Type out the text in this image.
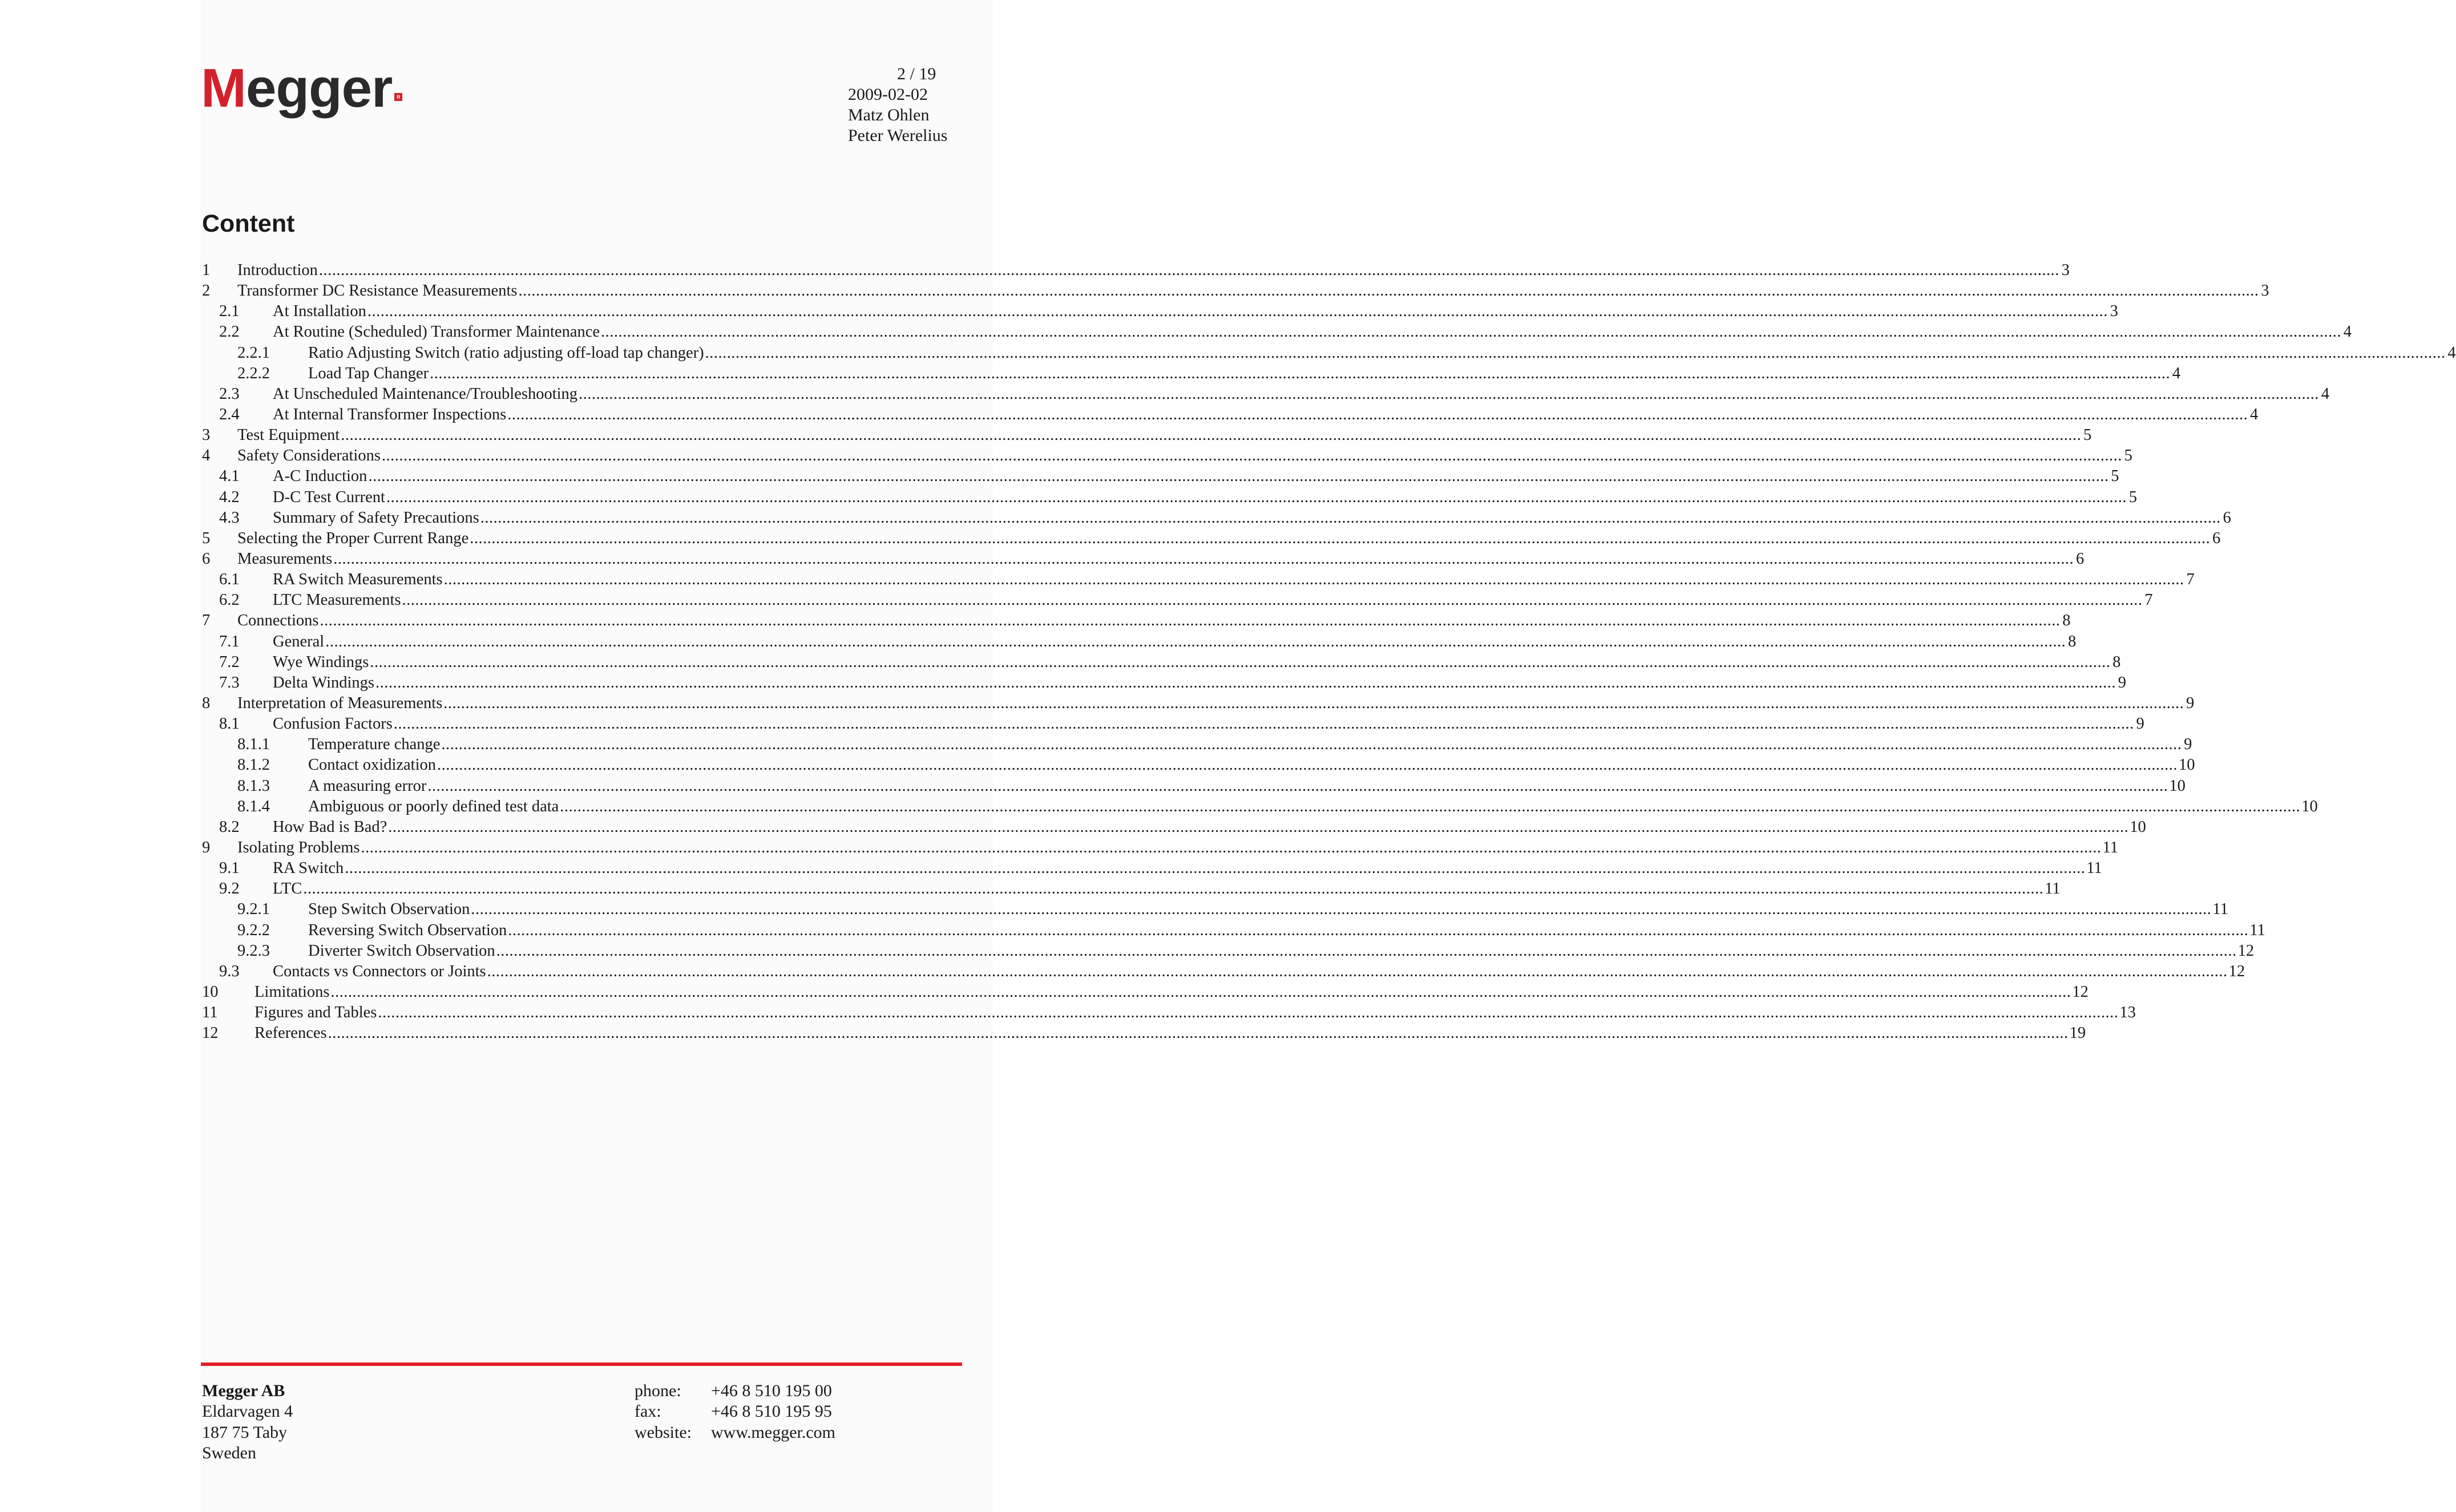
Megger R
2 / 19
2009-02-02
Matz Ohlen
Peter Werelius
Content
1	Introduction ................................................................................................................................................................................................................................................................................................................................................................................................................ 3
2	Transformer DC Resistance Measurements ................................................................................................................................................................................................................................................................................................................................................................................................................ 3
2.1	At Installation ................................................................................................................................................................................................................................................................................................................................................................................................................ 3
2.2	At Routine (Scheduled) Transformer Maintenance ................................................................................................................................................................................................................................................................................................................................................................................................................ 4
2.2.1	Ratio Adjusting Switch (ratio adjusting off-load tap changer) ................................................................................................................................................................................................................................................................................................................................................................................................................ 4
2.2.2	Load Tap Changer ................................................................................................................................................................................................................................................................................................................................................................................................................ 4
2.3	At Unscheduled Maintenance/Troubleshooting ................................................................................................................................................................................................................................................................................................................................................................................................................ 4
2.4	At Internal Transformer Inspections ................................................................................................................................................................................................................................................................................................................................................................................................................ 4
3	Test Equipment ................................................................................................................................................................................................................................................................................................................................................................................................................ 5
4	Safety Considerations ................................................................................................................................................................................................................................................................................................................................................................................................................ 5
4.1	A-C Induction ................................................................................................................................................................................................................................................................................................................................................................................................................ 5
4.2	D-C Test Current ................................................................................................................................................................................................................................................................................................................................................................................................................ 5
4.3	Summary of Safety Precautions ................................................................................................................................................................................................................................................................................................................................................................................................................ 6
5	Selecting the Proper Current Range ................................................................................................................................................................................................................................................................................................................................................................................................................ 6
6	Measurements ................................................................................................................................................................................................................................................................................................................................................................................................................ 6
6.1	RA Switch Measurements ................................................................................................................................................................................................................................................................................................................................................................................................................ 7
6.2	LTC Measurements ................................................................................................................................................................................................................................................................................................................................................................................................................ 7
7	Connections ................................................................................................................................................................................................................................................................................................................................................................................................................ 8
7.1	General ................................................................................................................................................................................................................................................................................................................................................................................................................ 8
7.2	Wye Windings ................................................................................................................................................................................................................................................................................................................................................................................................................ 8
7.3	Delta Windings ................................................................................................................................................................................................................................................................................................................................................................................................................ 9
8	Interpretation of Measurements ................................................................................................................................................................................................................................................................................................................................................................................................................ 9
8.1	Confusion Factors ................................................................................................................................................................................................................................................................................................................................................................................................................ 9
8.1.1	Temperature change ................................................................................................................................................................................................................................................................................................................................................................................................................ 9
8.1.2	Contact oxidization ................................................................................................................................................................................................................................................................................................................................................................................................................ 10
8.1.3	A measuring error ................................................................................................................................................................................................................................................................................................................................................................................................................ 10
8.1.4	Ambiguous or poorly defined test data ................................................................................................................................................................................................................................................................................................................................................................................................................ 10
8.2	How Bad is Bad? ................................................................................................................................................................................................................................................................................................................................................................................................................ 10
9	Isolating Problems ................................................................................................................................................................................................................................................................................................................................................................................................................ 11
9.1	RA Switch ................................................................................................................................................................................................................................................................................................................................................................................................................ 11
9.2	LTC ................................................................................................................................................................................................................................................................................................................................................................................................................ 11
9.2.1	Step Switch Observation ................................................................................................................................................................................................................................................................................................................................................................................................................ 11
9.2.2	Reversing Switch Observation ................................................................................................................................................................................................................................................................................................................................................................................................................ 11
9.2.3	Diverter Switch Observation ................................................................................................................................................................................................................................................................................................................................................................................................................ 12
9.3	Contacts vs Connectors or Joints ................................................................................................................................................................................................................................................................................................................................................................................................................ 12
10	Limitations ................................................................................................................................................................................................................................................................................................................................................................................................................ 12
11	Figures and Tables ................................................................................................................................................................................................................................................................................................................................................................................................................ 13
12	References ................................................................................................................................................................................................................................................................................................................................................................................................................ 19
Megger AB
Eldarvagen 4
187 75 Taby
Sweden
phone:	+46 8 510 195 00
fax:	+46 8 510 195 95
website:	www.megger.com
